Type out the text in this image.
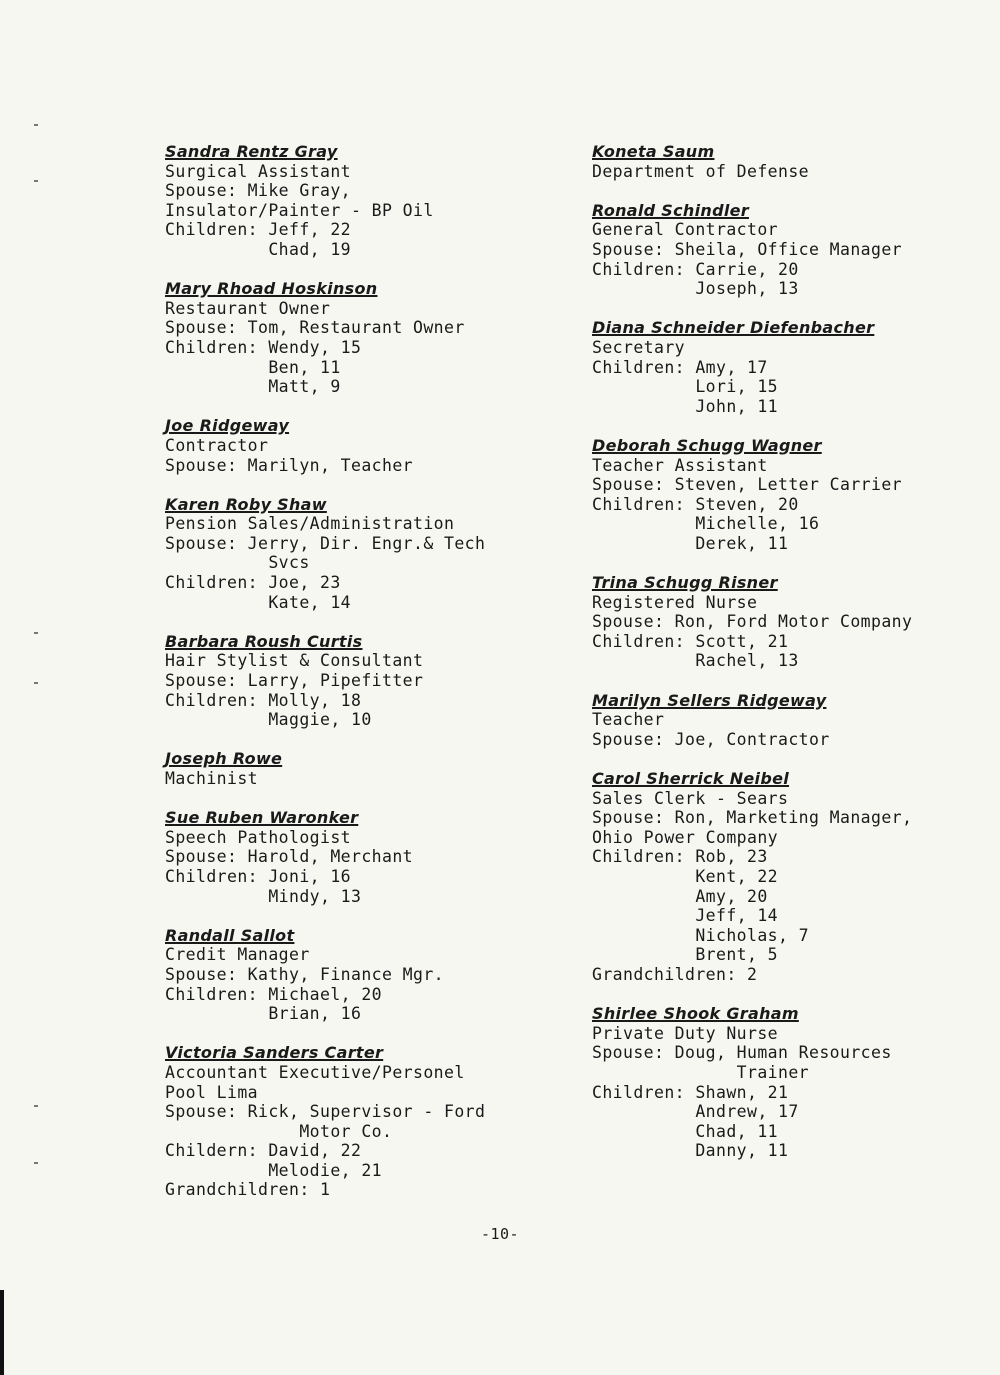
Sandra Rentz Gray
Surgical Assistant
Spouse: Mike Gray,
Insulator/Painter - BP Oil
Children: Jeff, 22
Chad, 19
Mary Rhoad Hoskinson
Restaurant Owner
Spouse: Tom, Restaurant Owner
Children: Wendy, 15
Ben, 11
Matt, 9
Joe Ridgeway
Contractor
Spouse: Marilyn, Teacher
Karen Roby Shaw
Pension Sales/Administration
Spouse: Jerry, Dir. Engr.& Tech
Svcs
Children: Joe, 23
Kate, 14
Barbara Roush Curtis
Hair Stylist & Consultant
Spouse: Larry, Pipefitter
Children: Molly, 18
Maggie, 10
Joseph Rowe
Machinist
Sue Ruben Waronker
Speech Pathologist
Spouse: Harold, Merchant
Children: Joni, 16
Mindy, 13
Randall Sallot
Credit Manager
Spouse: Kathy, Finance Mgr.
Children: Michael, 20
Brian, 16
Victoria Sanders Carter
Accountant Executive/Personel
Pool Lima
Spouse: Rick, Supervisor - Ford
Motor Co.
Childern: David, 22
Melodie, 21
Grandchildren: 1
Koneta Saum
Department of Defense
Ronald Schindler
General Contractor
Spouse: Sheila, Office Manager
Children: Carrie, 20
Joseph, 13
Diana Schneider Diefenbacher
Secretary
Children: Amy, 17
Lori, 15
John, 11
Deborah Schugg Wagner
Teacher Assistant
Spouse: Steven, Letter Carrier
Children: Steven, 20
Michelle, 16
Derek, 11
Trina Schugg Risner
Registered Nurse
Spouse: Ron, Ford Motor Company
Children: Scott, 21
Rachel, 13
Marilyn Sellers Ridgeway
Teacher
Spouse: Joe, Contractor
Carol Sherrick Neibel
Sales Clerk - Sears
Spouse: Ron, Marketing Manager,
Ohio Power Company
Children: Rob, 23
Kent, 22
Amy, 20
Jeff, 14
Nicholas, 7
Brent, 5
Grandchildren: 2
Shirlee Shook Graham
Private Duty Nurse
Spouse: Doug, Human Resources
Trainer
Children: Shawn, 21
Andrew, 17
Chad, 11
Danny, 11
-10-
